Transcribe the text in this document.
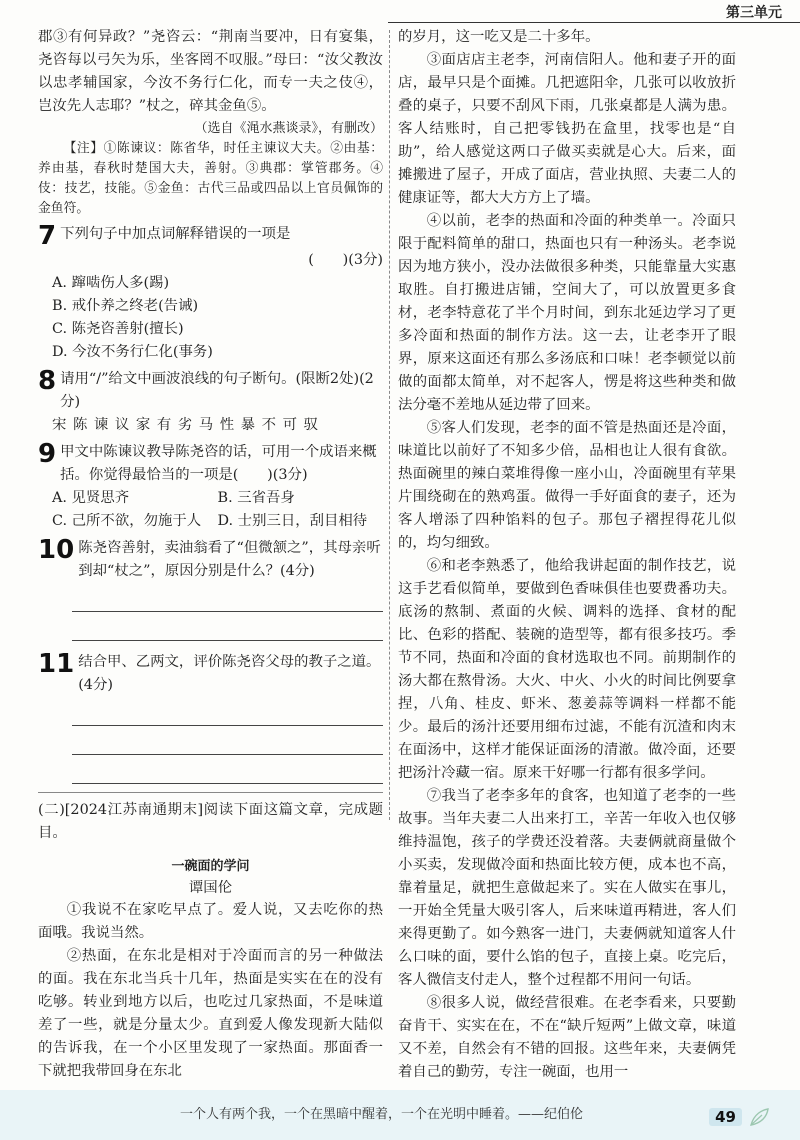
第三单元

郡③有何异政？”尧咨云：“荆南当要冲，日有宴集，尧咨每以弓矢为乐，坐客罔不叹服。”母曰：“汝父教汝以忠孝辅国家，今汝不务行仁化，而专一夫之伎④，岂汝先人志耶？”杖之，碎其金鱼⑤。

（选自《渑水燕谈录》，有删改）

【注】①陈谏议：陈省华，时任主谏议大夫。②由基：养由基，春秋时楚国大夫，善射。③典郡：掌管郡务。④伎：技艺，技能。⑤金鱼：古代三品或四品以上官员佩饰的金鱼符。

7 下列句子中加点词解释错误的一项是

(　　)(3分)

A. 蹿啮伤人多(踢)

B. 戒仆养之终老(告诫)

C. 陈尧咨善射(擅长)

D. 今汝不务行仁化(事务)

8 请用“/”给文中画波浪线的句子断句。(限断2处)(2分)

宋 陈 谏 议 家 有 劣 马 性 暴 不 可 驭

9 甲文中陈谏议教导陈尧咨的话，可用一个成语来概括。你觉得最恰当的一项是(　　)(3分)
A. 见贤思齐	B. 三省吾身
C. 己所不欲，勿施于人	D. 士别三日，刮目相待
10 陈尧咨善射，卖油翁看了“但微颔之”，其母亲听到却“杖之”，原因分别是什么？(4分)
11 结合甲、乙两文，评价陈尧咨父母的教子之道。(4分)

(二)[2024江苏南通期末]阅读下面这篇文章，完成题目。

一碗面的学问

谭国伦

①我说不在家吃早点了。爱人说，又去吃你的热面哦。我说当然。

②热面，在东北是相对于冷面而言的另一种做法的面。我在东北当兵十几年，热面是实实在在的没有吃够。转业到地方以后，也吃过几家热面，不是味道差了一些，就是分量太少。直到爱人像发现新大陆似的告诉我，在一个小区里发现了一家热面。那面香一下就把我带回身在东北

的岁月，这一吃又是二十多年。

③面店店主老李，河南信阳人。他和妻子开的面店，最早只是个面摊。几把遮阳伞，几张可以收放折叠的桌子，只要不刮风下雨，几张桌都是人满为患。客人结账时，自己把零钱扔在盒里，找零也是“自助”，给人感觉这两口子做买卖就是心大。后来，面摊搬进了屋子，开成了面店，营业执照、夫妻二人的健康证等，都大大方方上了墙。

④以前，老李的热面和冷面的种类单一。冷面只限于配料简单的甜口，热面也只有一种汤头。老李说因为地方狭小，没办法做很多种类，只能靠量大实惠取胜。自打搬进店铺，空间大了，可以放置更多食材，老李特意花了半个月时间，到东北延边学习了更多冷面和热面的制作方法。这一去，让老李开了眼界，原来这面还有那么多汤底和口味！老李顿觉以前做的面都太简单，对不起客人，愣是将这些种类和做法分毫不差地从延边带了回来。

⑤客人们发现，老李的面不管是热面还是冷面，味道比以前好了不知多少倍，品相也让人很有食欲。热面碗里的辣白菜堆得像一座小山，冷面碗里有苹果片围绕砌在的熟鸡蛋。做得一手好面食的妻子，还为客人增添了四种馅料的包子。那包子褶捏得花儿似的，均匀细致。

⑥和老李熟悉了，他给我讲起面的制作技艺，说这手艺看似简单，要做到色香味俱佳也要费番功夫。底汤的熬制、煮面的火候、调料的选择、食材的配比、色彩的搭配、装碗的造型等，都有很多技巧。季节不同，热面和冷面的食材选取也不同。前期制作的汤大都在熬骨汤。大火、中火、小火的时间比例要拿捏，八角、桂皮、虾米、葱姜蒜等调料一样都不能少。最后的汤汁还要用细布过滤，不能有沉渣和肉末在面汤中，这样才能保证面汤的清澈。做冷面，还要把汤汁冷藏一宿。原来干好哪一行都有很多学问。

⑦我当了老李多年的食客，也知道了老李的一些故事。当年夫妻二人出来打工，辛苦一年收入也仅够维持温饱，孩子的学费还没着落。夫妻俩就商量做个小买卖，发现做冷面和热面比较方便，成本也不高，靠着量足，就把生意做起来了。实在人做实在事儿，一开始全凭量大吸引客人，后来味道再精进，客人们来得更勤了。如今熟客一进门，夫妻俩就知道客人什么口味的面，要什么馅的包子，直接上桌。吃完后，客人微信支付走人，整个过程都不用问一句话。

⑧很多人说，做经营很难。在老李看来，只要勤奋肯干、实实在在，不在“缺斤短两”上做文章，味道又不差，自然会有不错的回报。这些年来，夫妻俩凭着自己的勤劳，专注一碗面，也用一

一个人有两个我，一个在黑暗中醒着，一个在光明中睡着。——纪伯伦	49
